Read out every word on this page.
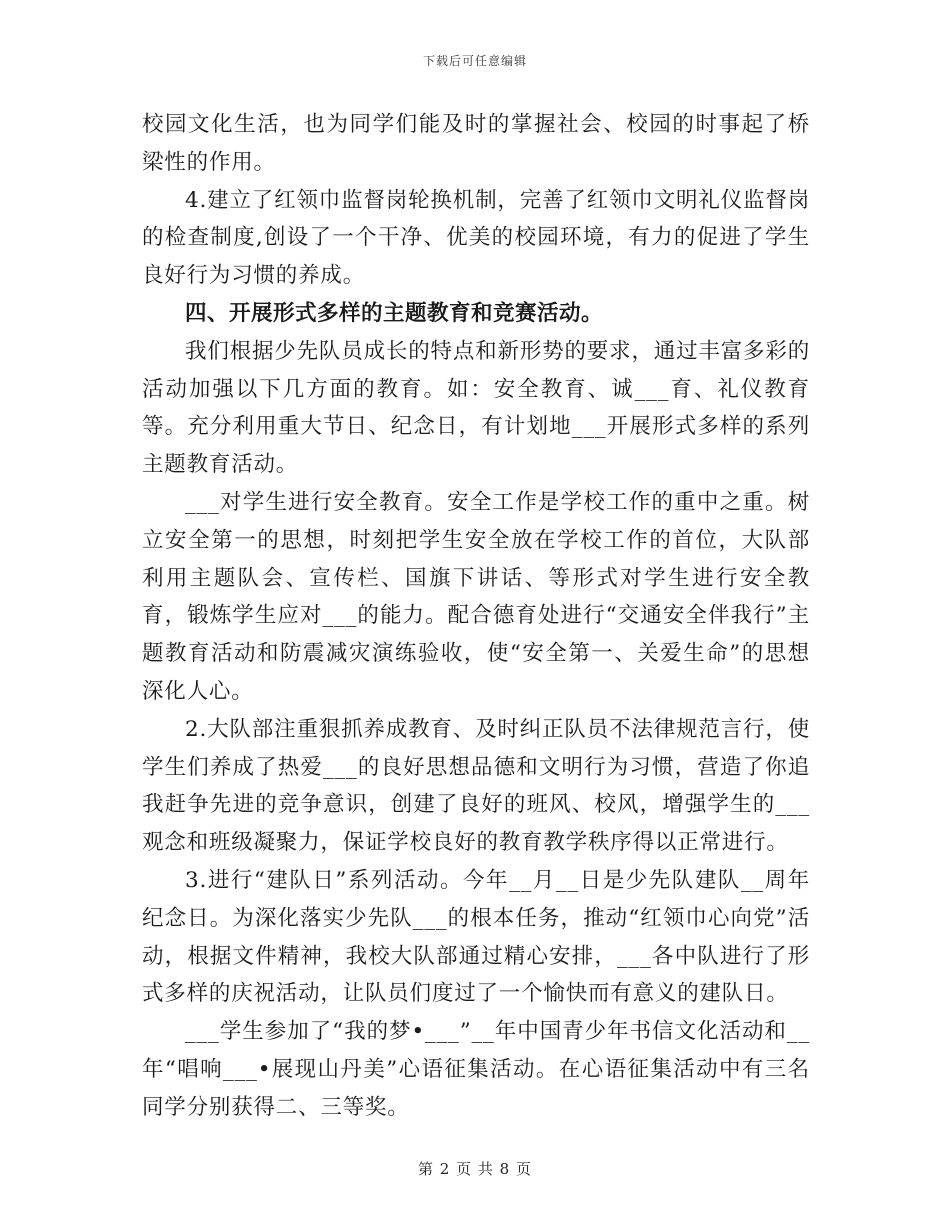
下载后可任意编辑

校园文化生活，也为同学们能及时的掌握社会、校园的时事起了桥梁性的作用。

4.建立了红领巾监督岗轮换机制，完善了红领巾文明礼仪监督岗的检查制度,创设了一个干净、优美的校园环境，有力的促进了学生良好行为习惯的养成。

四、开展形式多样的主题教育和竞赛活动。

我们根据少先队员成长的特点和新形势的要求，通过丰富多彩的活动加强以下几方面的教育。如：安全教育、诚___育、礼仪教育等。充分利用重大节日、纪念日，有计划地___开展形式多样的系列主题教育活动。

___对学生进行安全教育。安全工作是学校工作的重中之重。树立安全第一的思想，时刻把学生安全放在学校工作的首位，大队部利用主题队会、宣传栏、国旗下讲话、等形式对学生进行安全教育，锻炼学生应对___的能力。配合德育处进行“交通安全伴我行”主题教育活动和防震减灾演练验收，使“安全第一、关爱生命”的思想深化人心。

2.大队部注重狠抓养成教育、及时纠正队员不法律规范言行，使学生们养成了热爱___的良好思想品德和文明行为习惯，营造了你追我赶争先进的竞争意识，创建了良好的班风、校风，增强学生的___观念和班级凝聚力，保证学校良好的教育教学秩序得以正常进行。

3.进行“建队日”系列活动。今年__月__日是少先队建队__周年纪念日。为深化落实少先队___的根本任务，推动“红领巾心向党”活动，根据文件精神，我校大队部通过精心安排，___各中队进行了形式多样的庆祝活动，让队员们度过了一个愉快而有意义的建队日。

___学生参加了“我的梦•___”__年中国青少年书信文化活动和__年“唱响___•展现山丹美”心语征集活动。在心语征集活动中有三名同学分别获得二、三等奖。

第 2 页 共 8 页
